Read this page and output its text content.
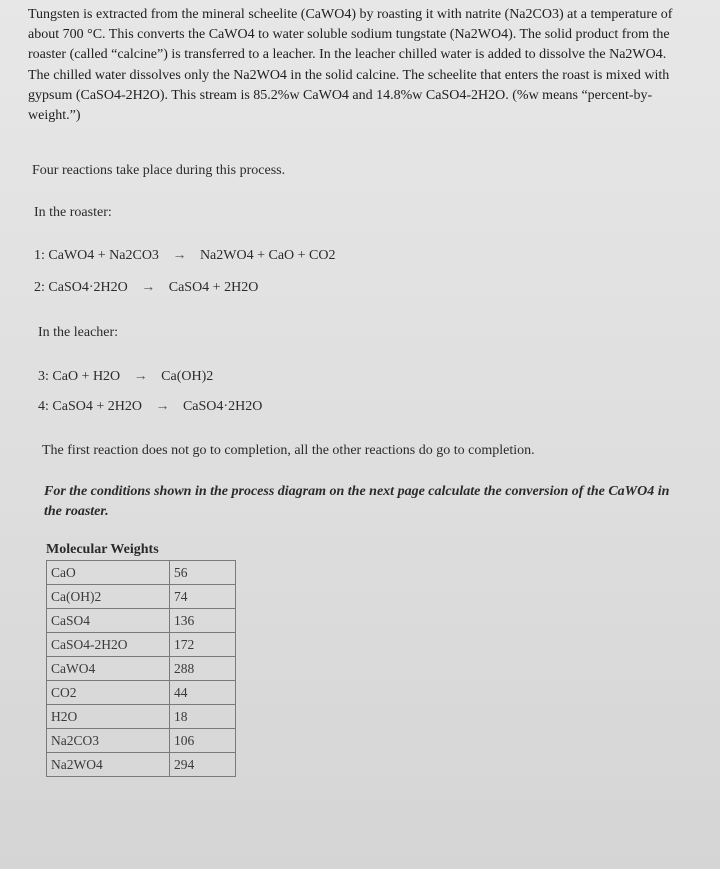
Tungsten is extracted from the mineral scheelite (CaWO4) by roasting it with natrite (Na2CO3) at a temperature of about 700 °C. This converts the CaWO4 to water soluble sodium tungstate (Na2WO4). The solid product from the roaster (called “calcine”) is transferred to a leacher. In the leacher chilled water is added to dissolve the Na2WO4. The chilled water dissolves only the Na2WO4 in the solid calcine. The scheelite that enters the roast is mixed with gypsum (CaSO4-2H2O). This stream is 85.2%w CaWO4 and 14.8%w CaSO4-2H2O. (%w means “percent-by-weight.”)

Four reactions take place during this process.
In the roaster:
1: CaWO4 + Na2CO3 → Na2WO4 + CaO + CO2
2: CaSO4·2H2O → CaSO4 + 2H2O
In the leacher:
3: CaO + H2O → Ca(OH)2
4: CaSO4 + 2H2O → CaSO4·2H2O
The first reaction does not go to completion, all the other reactions do go to completion.
For the conditions shown in the process diagram on the next page calculate the conversion of the CaWO4 in the roaster.
Molecular Weights
CaO	56
Ca(OH)2	74
CaSO4	136
CaSO4-2H2O	172
CaWO4	288
CO2	44
H2O	18
Na2CO3	106
Na2WO4	294
